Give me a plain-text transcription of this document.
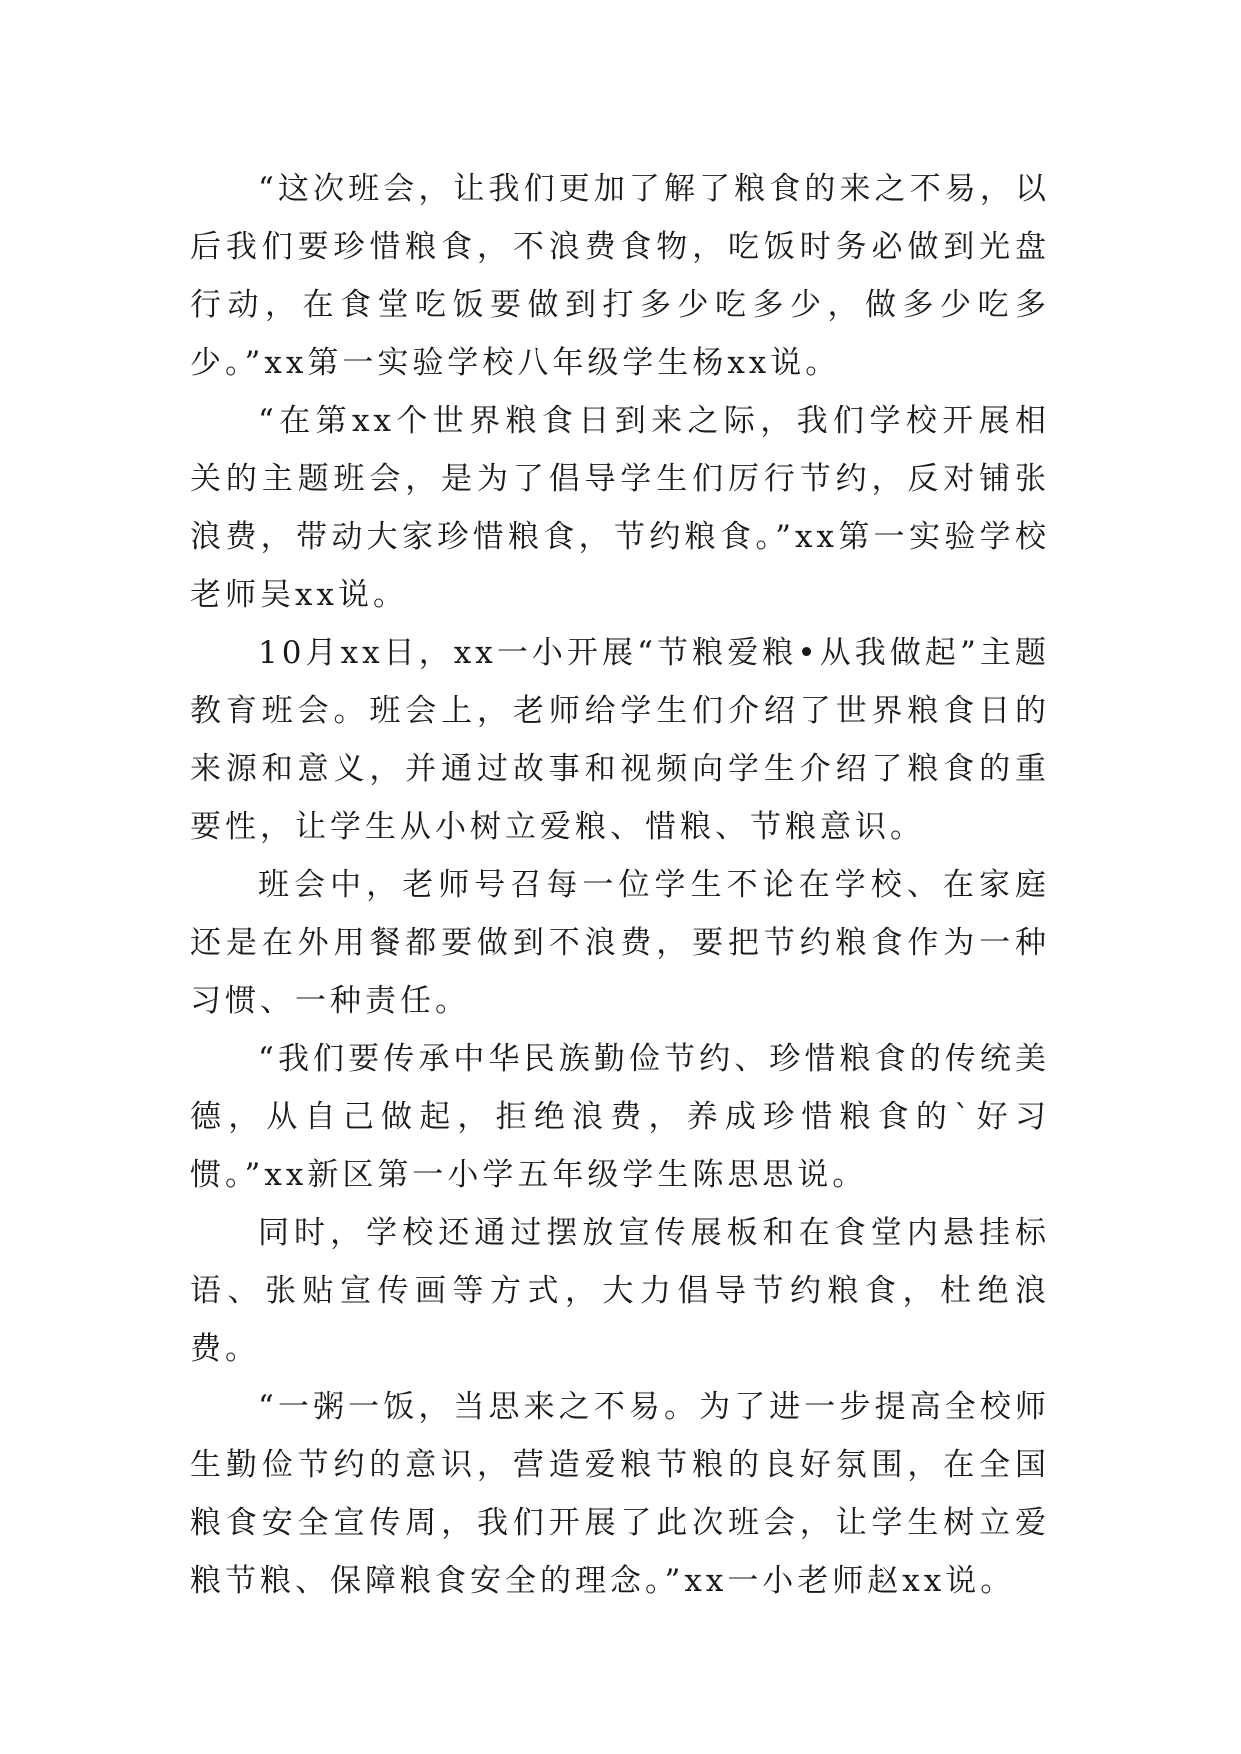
“这次班会，让我们更加了解了粮食的来之不易，以后我们要珍惜粮食，不浪费食物，吃饭时务必做到光盘行动，在食堂吃饭要做到打多少吃多少，做多少吃多少。”xx第一实验学校八年级学生杨xx说。

“在第xx个世界粮食日到来之际，我们学校开展相关的主题班会，是为了倡导学生们厉行节约，反对铺张浪费，带动大家珍惜粮食，节约粮食。”xx第一实验学校老师吴xx说。

10月xx日，xx一小开展“节粮爱粮•从我做起”主题教育班会。班会上，老师给学生们介绍了世界粮食日的来源和意义，并通过故事和视频向学生介绍了粮食的重要性，让学生从小树立爱粮、惜粮、节粮意识。

班会中，老师号召每一位学生不论在学校、在家庭还是在外用餐都要做到不浪费，要把节约粮食作为一种习惯、一种责任。

“我们要传承中华民族勤俭节约、珍惜粮食的传统美德，从自己做起，拒绝浪费，养成珍惜粮食的`好习惯。”xx新区第一小学五年级学生陈思思说。

同时，学校还通过摆放宣传展板和在食堂内悬挂标语、张贴宣传画等方式，大力倡导节约粮食，杜绝浪费。

“一粥一饭，当思来之不易。为了进一步提高全校师生勤俭节约的意识，营造爱粮节粮的良好氛围，在全国粮食安全宣传周，我们开展了此次班会，让学生树立爱粮节粮、保障粮食安全的理念。”xx一小老师赵xx说。
